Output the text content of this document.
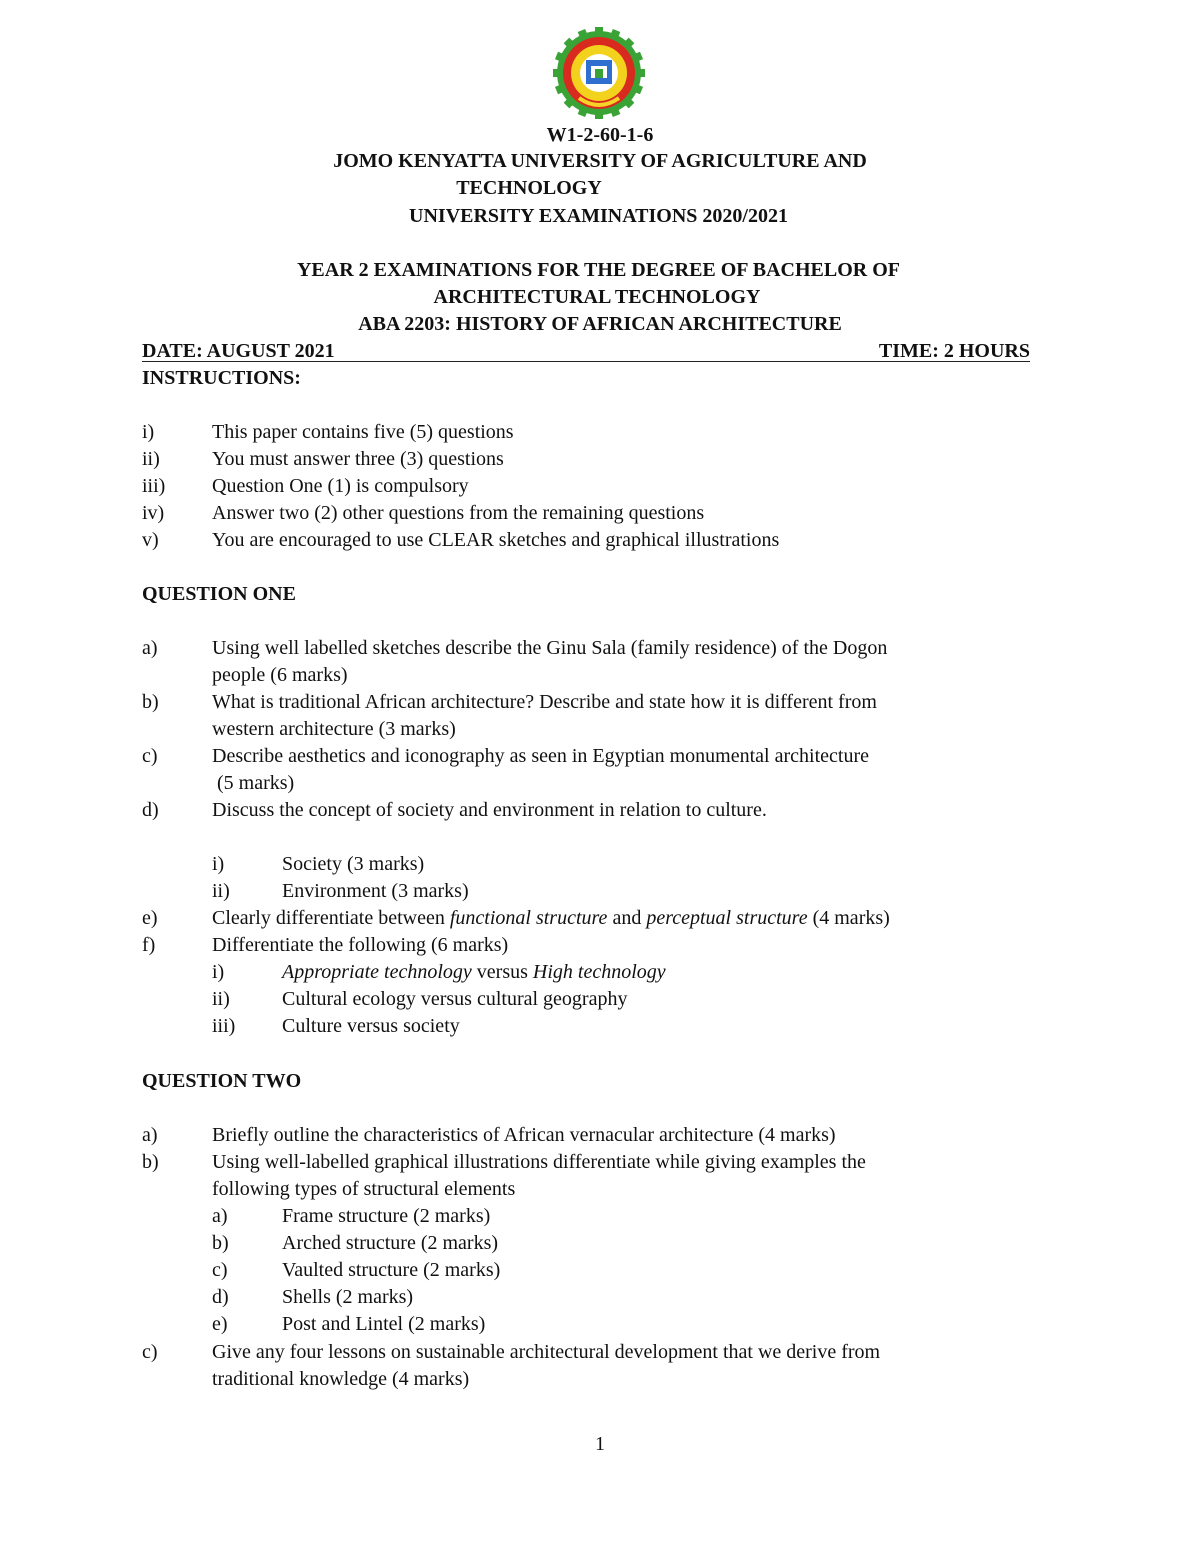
W1-2-60-1-6
JOMO KENYATTA UNIVERSITY OF AGRICULTURE AND
TECHNOLOGY
UNIVERSITY EXAMINATIONS 2020/2021
YEAR 2 EXAMINATIONS FOR THE DEGREE OF BACHELOR OF
ARCHITECTURAL TECHNOLOGY
ABA 2203: HISTORY OF AFRICAN ARCHITECTURE
DATE: AUGUST 2021	TIME: 2 HOURS
INSTRUCTIONS:
i)	This paper contains five (5) questions
ii)	You must answer three (3) questions
iii) Question One (1) is compulsory
iv) Answer two (2) other questions from the remaining questions
v)	You are encouraged to use CLEAR sketches and graphical illustrations
QUESTION ONE
a)	Using well labelled sketches describe the Ginu Sala (family residence) of the Dogon
people (6 marks)
b)	What is traditional African architecture? Describe and state how it is different from
western architecture (3 marks)
c)	Describe aesthetics and iconography as seen in Egyptian monumental architecture
(5 marks)
d)	Discuss the concept of society and environment in relation to culture.
i)	Society (3 marks)
ii)	Environment (3 marks)
e)	Clearly differentiate between functional structure and perceptual structure (4 marks)
f)	Differentiate the following (6 marks)
i)	Appropriate technology versus High technology
ii)	Cultural ecology versus cultural geography
iii) Culture versus society
QUESTION TWO
a)	Briefly outline the characteristics of African vernacular architecture (4 marks)
b)	Using well-labelled graphical illustrations differentiate while giving examples the
following types of structural elements
a)	Frame structure (2 marks)
b)	Arched structure (2 marks)
c)	Vaulted structure (2 marks)
d)	Shells (2 marks)
e)	Post and Lintel (2 marks)
c)	Give any four lessons on sustainable architectural development that we derive from
traditional knowledge (4 marks)
1
